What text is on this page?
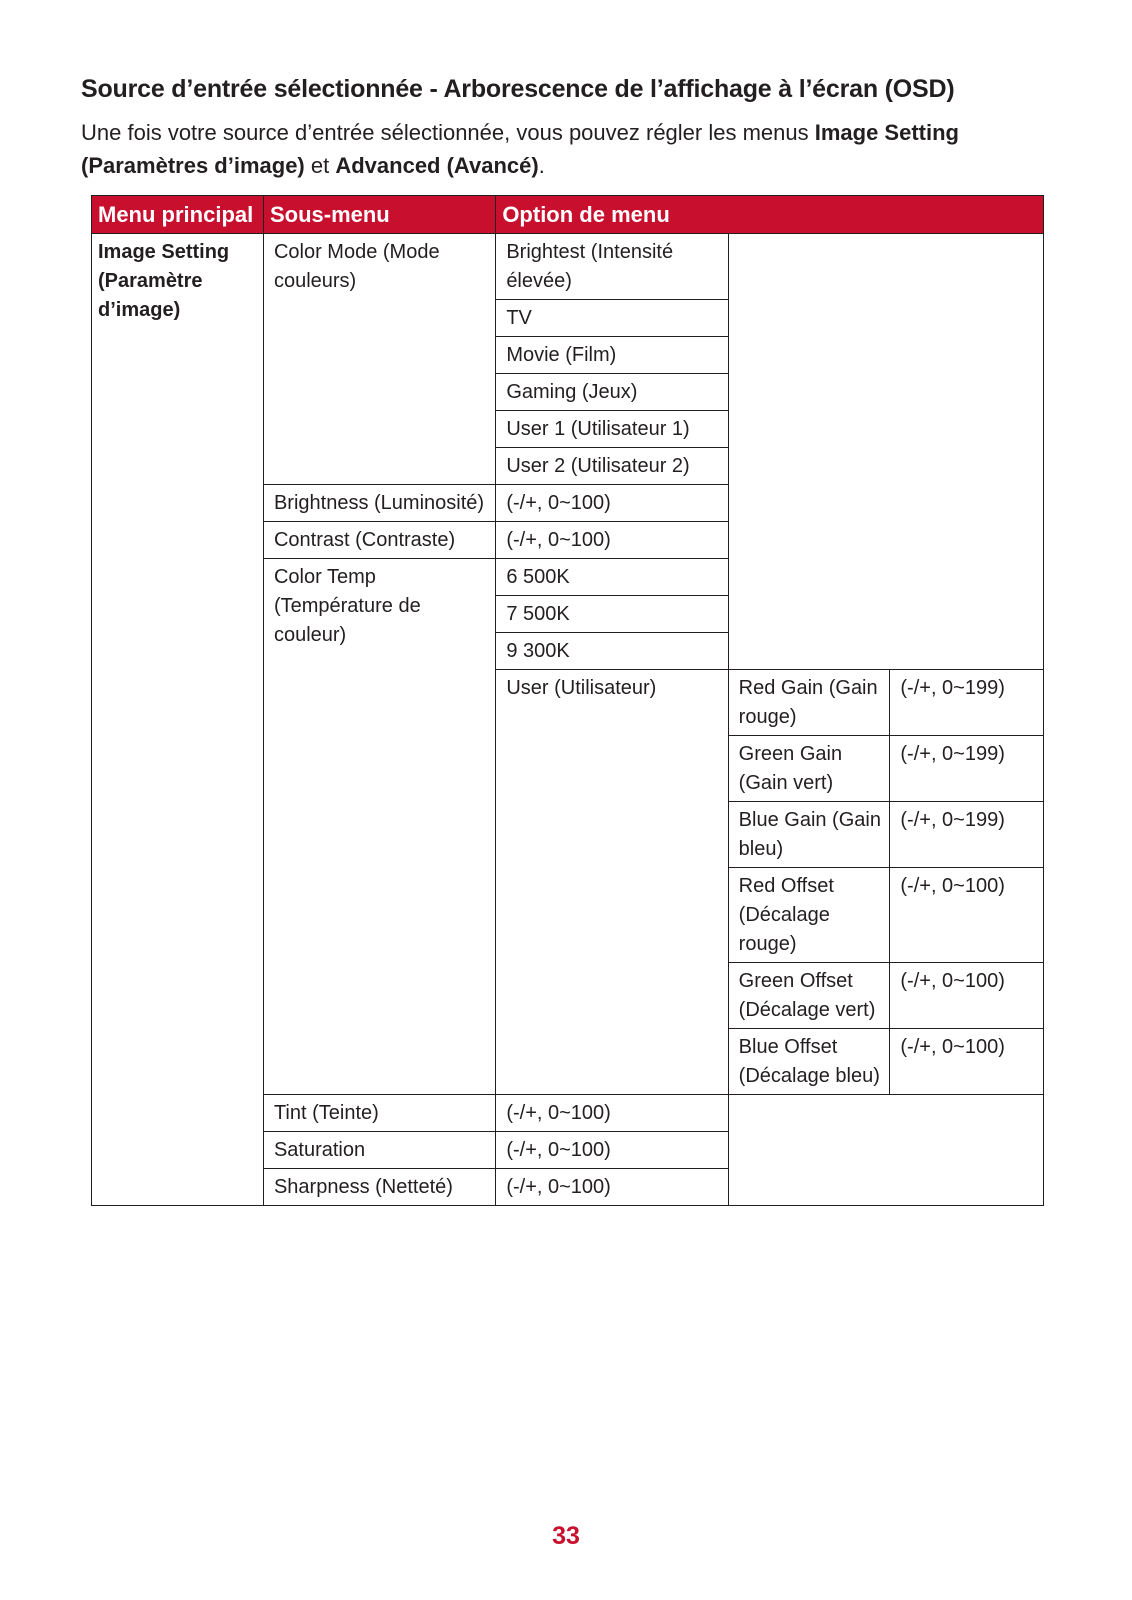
Source d’entrée sélectionnée - Arborescence de l’affichage à l’écran (OSD)

Une fois votre source d’entrée sélectionnée, vous pouvez régler les menus Image Setting (Paramètres d’image) et Advanced (Avancé).

Menu principal	Sous-menu	Option de menu		
Image Setting (Paramètre d’image)	Color Mode (Mode couleurs)	Brightest (Intensité élevée)		
		TV		
		Movie (Film)		
		Gaming (Jeux)		
		User 1 (Utilisateur 1)		
		User 2 (Utilisateur 2)		
	Brightness (Luminosité)	(-/+, 0~100)		
	Contrast (Contraste)	(-/+, 0~100)		
	Color Temp (Température de couleur)	6 500K		
		7 500K		
		9 300K		

		User (Utilisateur)	Red Gain (Gain rouge)	(-/+, 0~199)

			Green Gain (Gain vert)	(-/+, 0~199)

			Blue Gain (Gain bleu)	(-/+, 0~199)

			Red Offset (Décalage rouge)	(-/+, 0~100)

			Green Offset (Décalage vert)	(-/+, 0~100)

			Blue Offset (Décalage bleu)	(-/+, 0~100)

	Tint (Teinte)	(-/+, 0~100)		
	Saturation	(-/+, 0~100)		
	Sharpness (Netteté)	(-/+, 0~100)		
33
